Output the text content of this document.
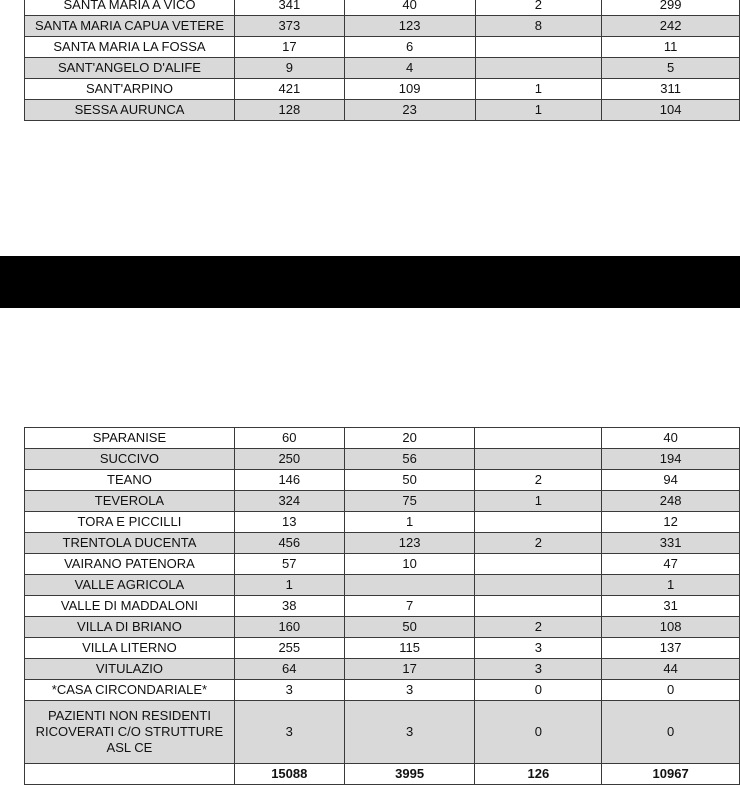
SANTA MARIA A VICO	341	40	2	299
SANTA MARIA CAPUA VETERE	373	123	8	242
SANTA MARIA LA FOSSA	17	6		11
SANT'ANGELO D'ALIFE	9	4		5
SANT'ARPINO	421	109	1	311
SESSA AURUNCA	128	23	1	104
SPARANISE	60	20		40
SUCCIVO	250	56		194
TEANO	146	50	2	94
TEVEROLA	324	75	1	248
TORA E PICCILLI	13	1		12
TRENTOLA DUCENTA	456	123	2	331
VAIRANO PATENORA	57	10		47
VALLE AGRICOLA	1			1
VALLE DI MADDALONI	38	7		31
VILLA DI BRIANO	160	50	2	108
VILLA LITERNO	255	115	3	137
VITULAZIO	64	17	3	44
*CASA CIRCONDARIALE*	3	3	0	0
PAZIENTI NON RESIDENTI RICOVERATI C/O STRUTTURE ASL CE	3	3	0	0
	15088	3995	126	10967
